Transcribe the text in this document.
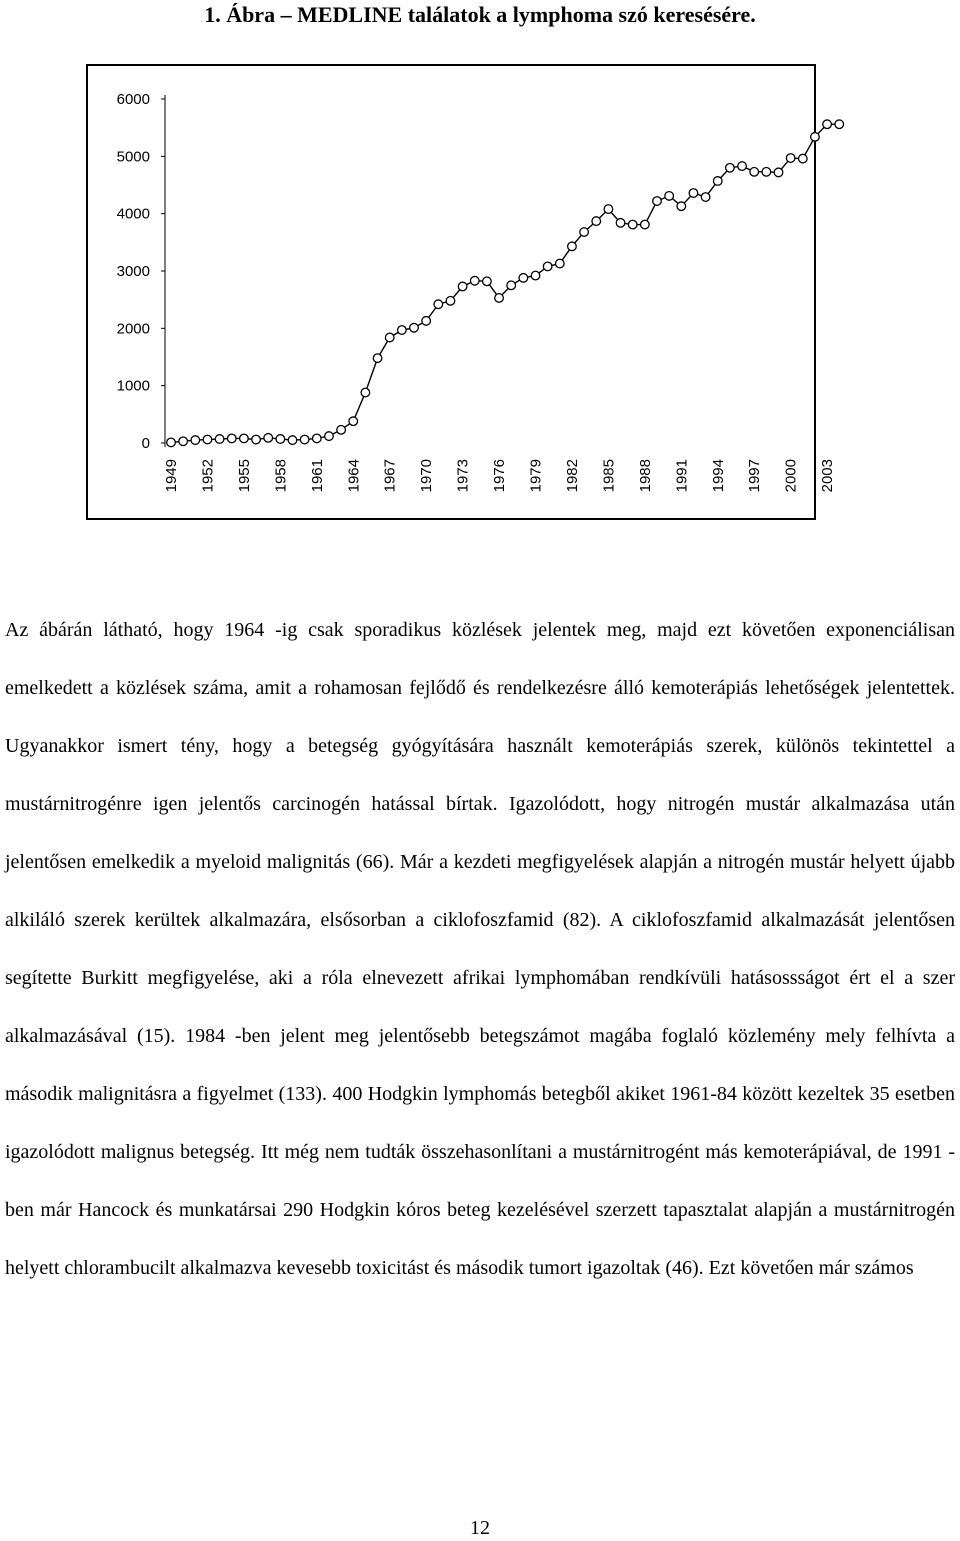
1. Ábra – MEDLINE találatok a lymphoma szó keresésére.
0
1000
2000
3000
4000
5000
6000
1949 1952 1955 1958 1961 1964 1967 1970 1973 1976 1979 1982 1985 1988 1991 1994 1997 2000 2003

Az ábárán látható, hogy 1964 -ig csak sporadikus közlések jelentek meg, majd ezt követően exponenciálisan emelkedett a közlések száma, amit a rohamosan fejlődő és rendelkezésre álló kemoterápiás lehetőségek jelentettek. Ugyanakkor ismert tény, hogy a betegség gyógyítására használt kemoterápiás szerek, különös tekintettel a mustárnitrogénre igen jelentős carcinogén hatással bírtak. Igazolódott, hogy nitrogén mustár alkalmazása után jelentősen emelkedik a myeloid malignitás (66). Már a kezdeti megfigyelések alapján a nitrogén mustár helyett újabb alkiláló szerek kerültek alkalmazára, elsősorban a ciklofoszfamid (82). A ciklofoszfamid alkalmazását jelentősen segítette Burkitt megfigyelése, aki a róla elnevezett afrikai lymphomában rendkívüli hatásossságot ért el a szer alkalmazásával (15). 1984 -ben jelent meg jelentősebb betegszámot magába foglaló közlemény mely felhívta a második malignitásra a figyelmet (133). 400 Hodgkin lymphomás betegből akiket 1961-84 között kezeltek 35 esetben igazolódott malignus betegség. Itt még nem tudták összehasonlítani a mustárnitrogént más kemoterápiával, de 1991 -ben már Hancock és munkatársai 290 Hodgkin kóros beteg kezelésével szerzett tapasztalat alapján a mustárnitrogén helyett chlorambucilt alkalmazva kevesebb toxicitást és második tumort igazoltak (46). Ezt követően már számos

12
